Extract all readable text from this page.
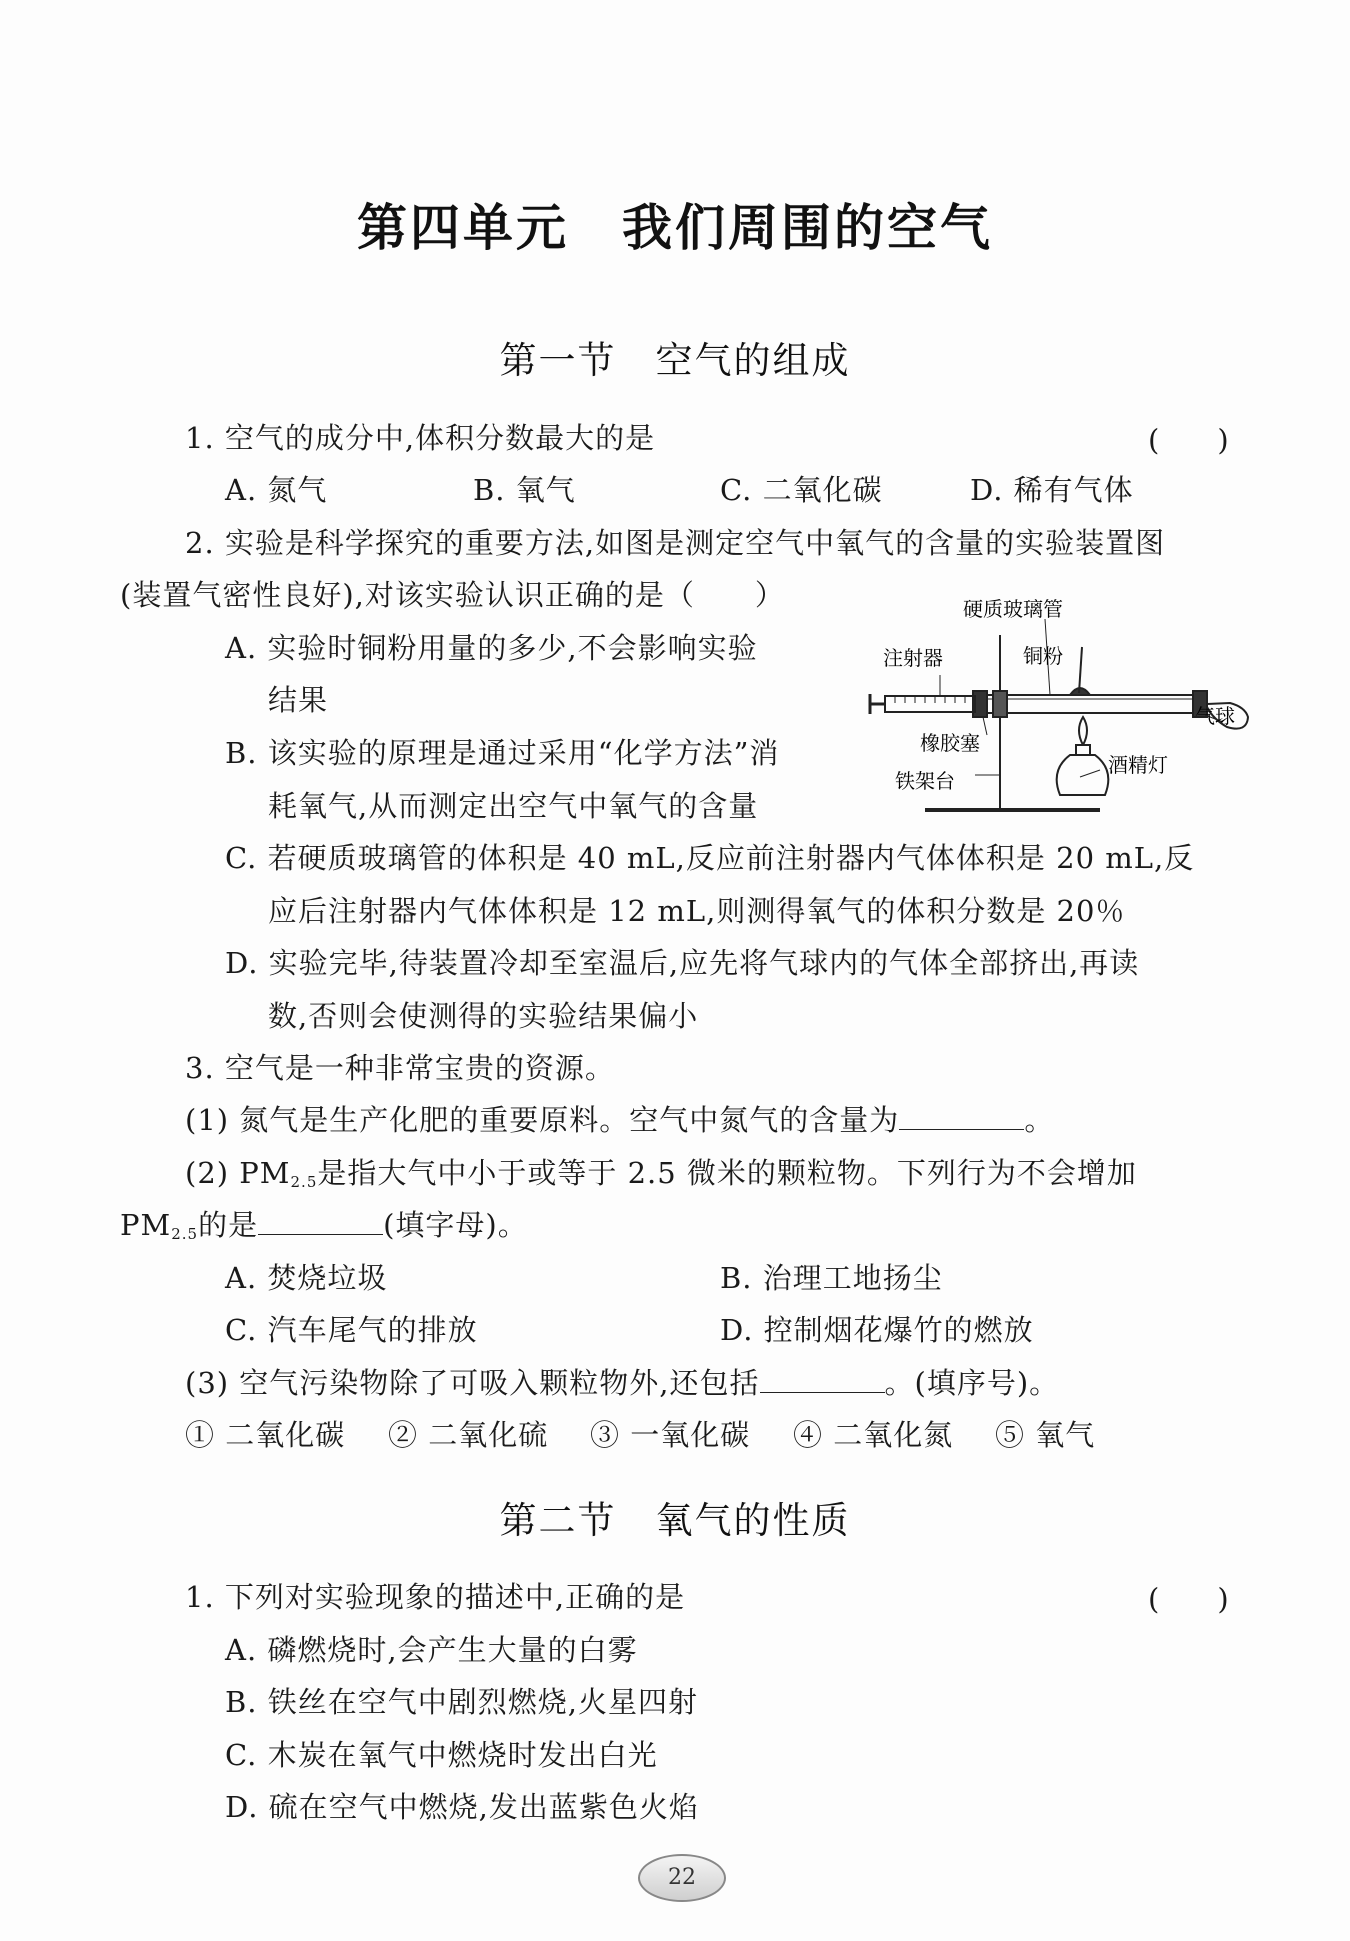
第四单元　我们周围的空气
第一节　空气的组成
1. 空气的成分中,体积分数最大的是	(　　)
A. 氮气	B. 氧气	C. 二氧化碳	D. 稀有气体
2. 实验是科学探究的重要方法,如图是测定空气中氧气的含量的实验装置图
(装置气密性良好),对该实验认识正确的是（　　）
A. 实验时铜粉用量的多少,不会影响实验
结果
B. 该实验的原理是通过采用“化学方法”消
耗氧气,从而测定出空气中氧气的含量
C. 若硬质玻璃管的体积是 40 mL,反应前注射器内气体体积是 20 mL,反
应后注射器内气体体积是 12 mL,则测得氧气的体积分数是 20％
D. 实验完毕,待装置冷却至室温后,应先将气球内的气体全部挤出,再读
数,否则会使测得的实验结果偏小
硬质玻璃管
注射器	铜粉
气球
橡胶塞
酒精灯
铁架台
3. 空气是一种非常宝贵的资源。
(1) 氮气是生产化肥的重要原料。空气中氮气的含量为	。
(2) $PM_{2.5}$是指大气中小于或等于 2.5 微米的颗粒物。下列行为不会增加
$PM_{2.5}$的是	(填字母)。
A. 焚烧垃圾	B. 治理工地扬尘
C. 汽车尾气的排放	D. 控制烟花爆竹的燃放
(3) 空气污染物除了可吸入颗粒物外,还包括	。(填序号)。
① 二氧化碳 ② 二氧化硫 ③ 一氧化碳 ④ 二氧化氮 ⑤ 氧气
第二节　氧气的性质
1. 下列对实验现象的描述中,正确的是	(　　)
A. 磷燃烧时,会产生大量的白雾
B. 铁丝在空气中剧烈燃烧,火星四射
C. 木炭在氧气中燃烧时发出白光
D. 硫在空气中燃烧,发出蓝紫色火焰
22
